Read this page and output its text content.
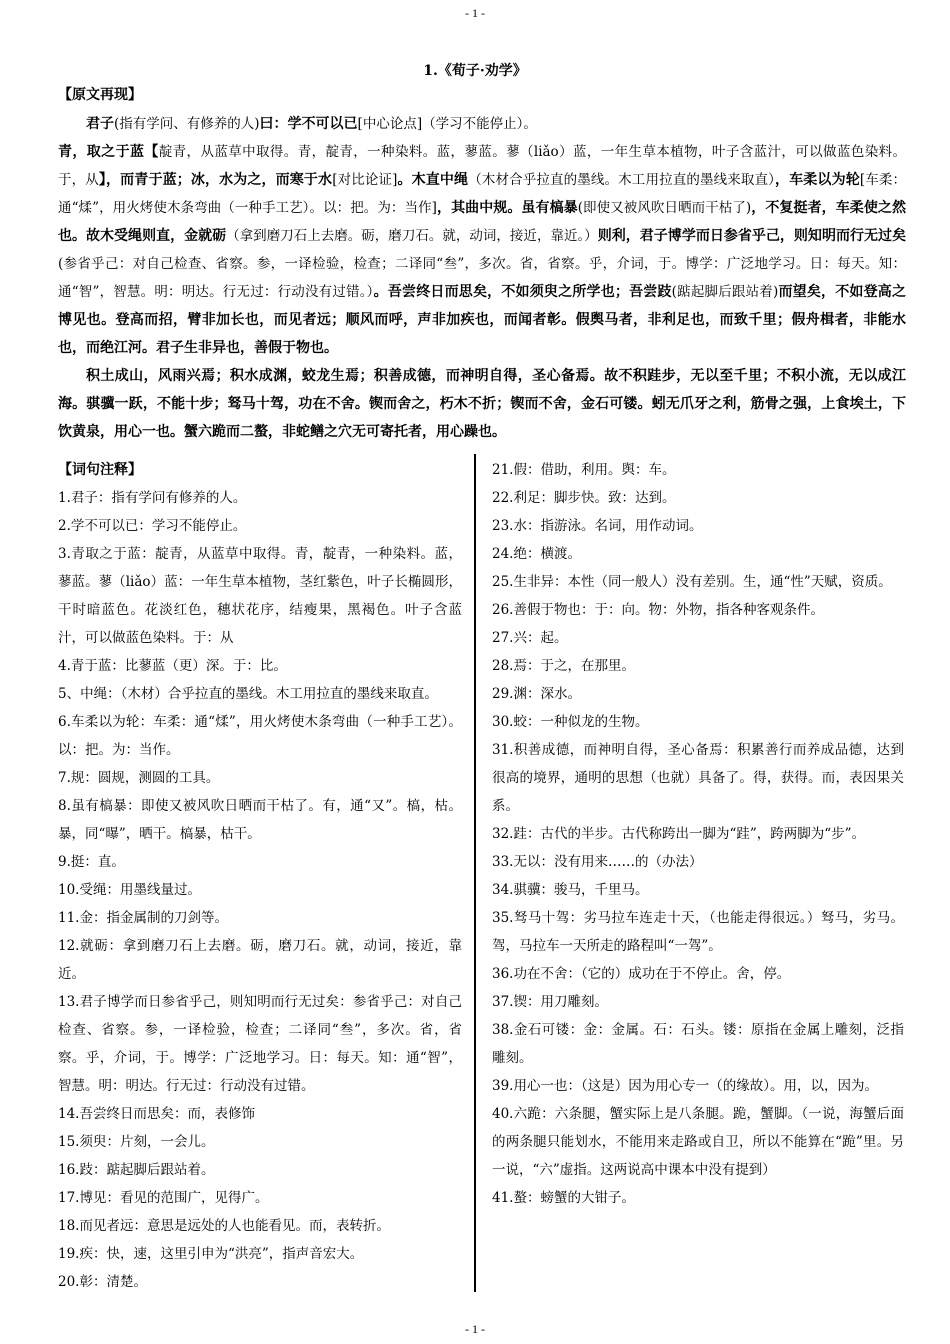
- 1 -
1.《荀子·劝学》
【原文再现】

君子(指有学问、有修养的人)曰：学不可以已[中心论点]（学习不能停止）。

青，取之于蓝【靛青，从蓝草中取得。青，靛青，一种染料。蓝，蓼蓝。蓼（liǎo）蓝，一年生草本植物，叶子含蓝汁，可以做蓝色染料。于，从】，而青于蓝；冰，水为之，而寒于水[对比论证]。木直中绳（木材合乎拉直的墨线。木工用拉直的墨线来取直），车柔以为轮[车柔：通“煣”，用火烤使木条弯曲（一种手工艺）。以：把。为：当作]，其曲中规。虽有槁暴(即使又被风吹日晒而干枯了)，不复挺者，车柔使之然也。故木受绳则直，金就砺（拿到磨刀石上去磨。砺，磨刀石。就，动词，接近，靠近。）则利，君子博学而日参省乎己，则知明而行无过矣(参省乎己：对自己检查、省察。参，一译检验，检查；二译同“叁”，多次。省，省察。乎，介词，于。博学：广泛地学习。日：每天。知：通“智”，智慧。明：明达。行无过：行动没有过错。）。吾尝终日而思矣，不如须臾之所学也；吾尝跂(踮起脚后跟站着)而望矣，不如登高之博见也。登高而招，臂非加长也，而见者远；顺风而呼，声非加疾也，而闻者彰。假舆马者，非利足也，而致千里；假舟楫者，非能水也，而绝江河。君子生非异也，善假于物也。

积土成山，风雨兴焉；积水成渊，蛟龙生焉；积善成德，而神明自得，圣心备焉。故不积跬步，无以至千里；不积小流，无以成江海。骐骥一跃，不能十步；驽马十驾，功在不舍。锲而舍之，朽木不折；锲而不舍，金石可镂。蚓无爪牙之利，筋骨之强，上食埃土，下饮黄泉，用心一也。蟹六跪而二螯，非蛇鳝之穴无可寄托者，用心躁也。

【词句注释】
1.君子：指有学问有修养的人。
2.学不可以已：学习不能停止。
3.青取之于蓝：靛青，从蓝草中取得。青，靛青，一种染料。蓝，蓼蓝。蓼（liǎo）蓝：一年生草本植物，茎红紫色，叶子长椭圆形，干时暗蓝色。花淡红色，穗状花序，结瘦果，黑褐色。叶子含蓝汁，可以做蓝色染料。于：从
4.青于蓝：比蓼蓝（更）深。于：比。
5、中绳：（木材）合乎拉直的墨线。木工用拉直的墨线来取直。
6.车柔以为轮：车柔：通“煣”，用火烤使木条弯曲（一种手工艺）。以：把。为：当作。
7.规：圆规，测圆的工具。
8.虽有槁暴：即使又被风吹日晒而干枯了。有，通“又”。槁，枯。暴，同“曝”，晒干。槁暴，枯干。
9.挺：直。
10.受绳：用墨线量过。
11.金：指金属制的刀剑等。
12.就砺：拿到磨刀石上去磨。砺，磨刀石。就，动词，接近，靠近。
13.君子博学而日参省乎己，则知明而行无过矣：参省乎己：对自己检查、省察。参，一译检验，检查；二译同“叁”，多次。省，省察。乎，介词，于。博学：广泛地学习。日：每天。知：通“智”，智慧。明：明达。行无过：行动没有过错。
14.吾尝终日而思矣：而，表修饰
15.须臾：片刻，一会儿。
16.跂：踮起脚后跟站着。
17.博见：看见的范围广，见得广。
18.而见者远：意思是远处的人也能看见。而，表转折。
19.疾：快，速，这里引申为“洪亮”，指声音宏大。
20.彰：清楚。
21.假：借助，利用。舆：车。
22.利足：脚步快。致：达到。
23.水：指游泳。名词，用作动词。
24.绝：横渡。
25.生非异：本性（同一般人）没有差别。生，通“性”天赋，资质。
26.善假于物也：于：向。物：外物，指各种客观条件。
27.兴：起。
28.焉：于之，在那里。
29.渊：深水。
30.蛟：一种似龙的生物。
31.积善成德，而神明自得，圣心备焉：积累善行而养成品德，达到很高的境界，通明的思想（也就）具备了。得，获得。而，表因果关系。
32.跬：古代的半步。古代称跨出一脚为“跬”，跨两脚为“步”。
33.无以：没有用来……的（办法）
34.骐骥：骏马，千里马。
35.驽马十驾：劣马拉车连走十天，（也能走得很远。）驽马，劣马。驾，马拉车一天所走的路程叫“一驾”。
36.功在不舍：（它的）成功在于不停止。舍，停。
37.锲：用刀雕刻。
38.金石可镂：金：金属。石：石头。镂：原指在金属上雕刻，泛指雕刻。
39.用心一也：（这是）因为用心专一（的缘故）。用，以，因为。
40.六跪：六条腿，蟹实际上是八条腿。跪，蟹脚。（一说，海蟹后面的两条腿只能划水，不能用来走路或自卫，所以不能算在“跪”里。另一说，“六”虚指。这两说高中课本中没有提到）
41.螯：螃蟹的大钳子。
- 1 -
